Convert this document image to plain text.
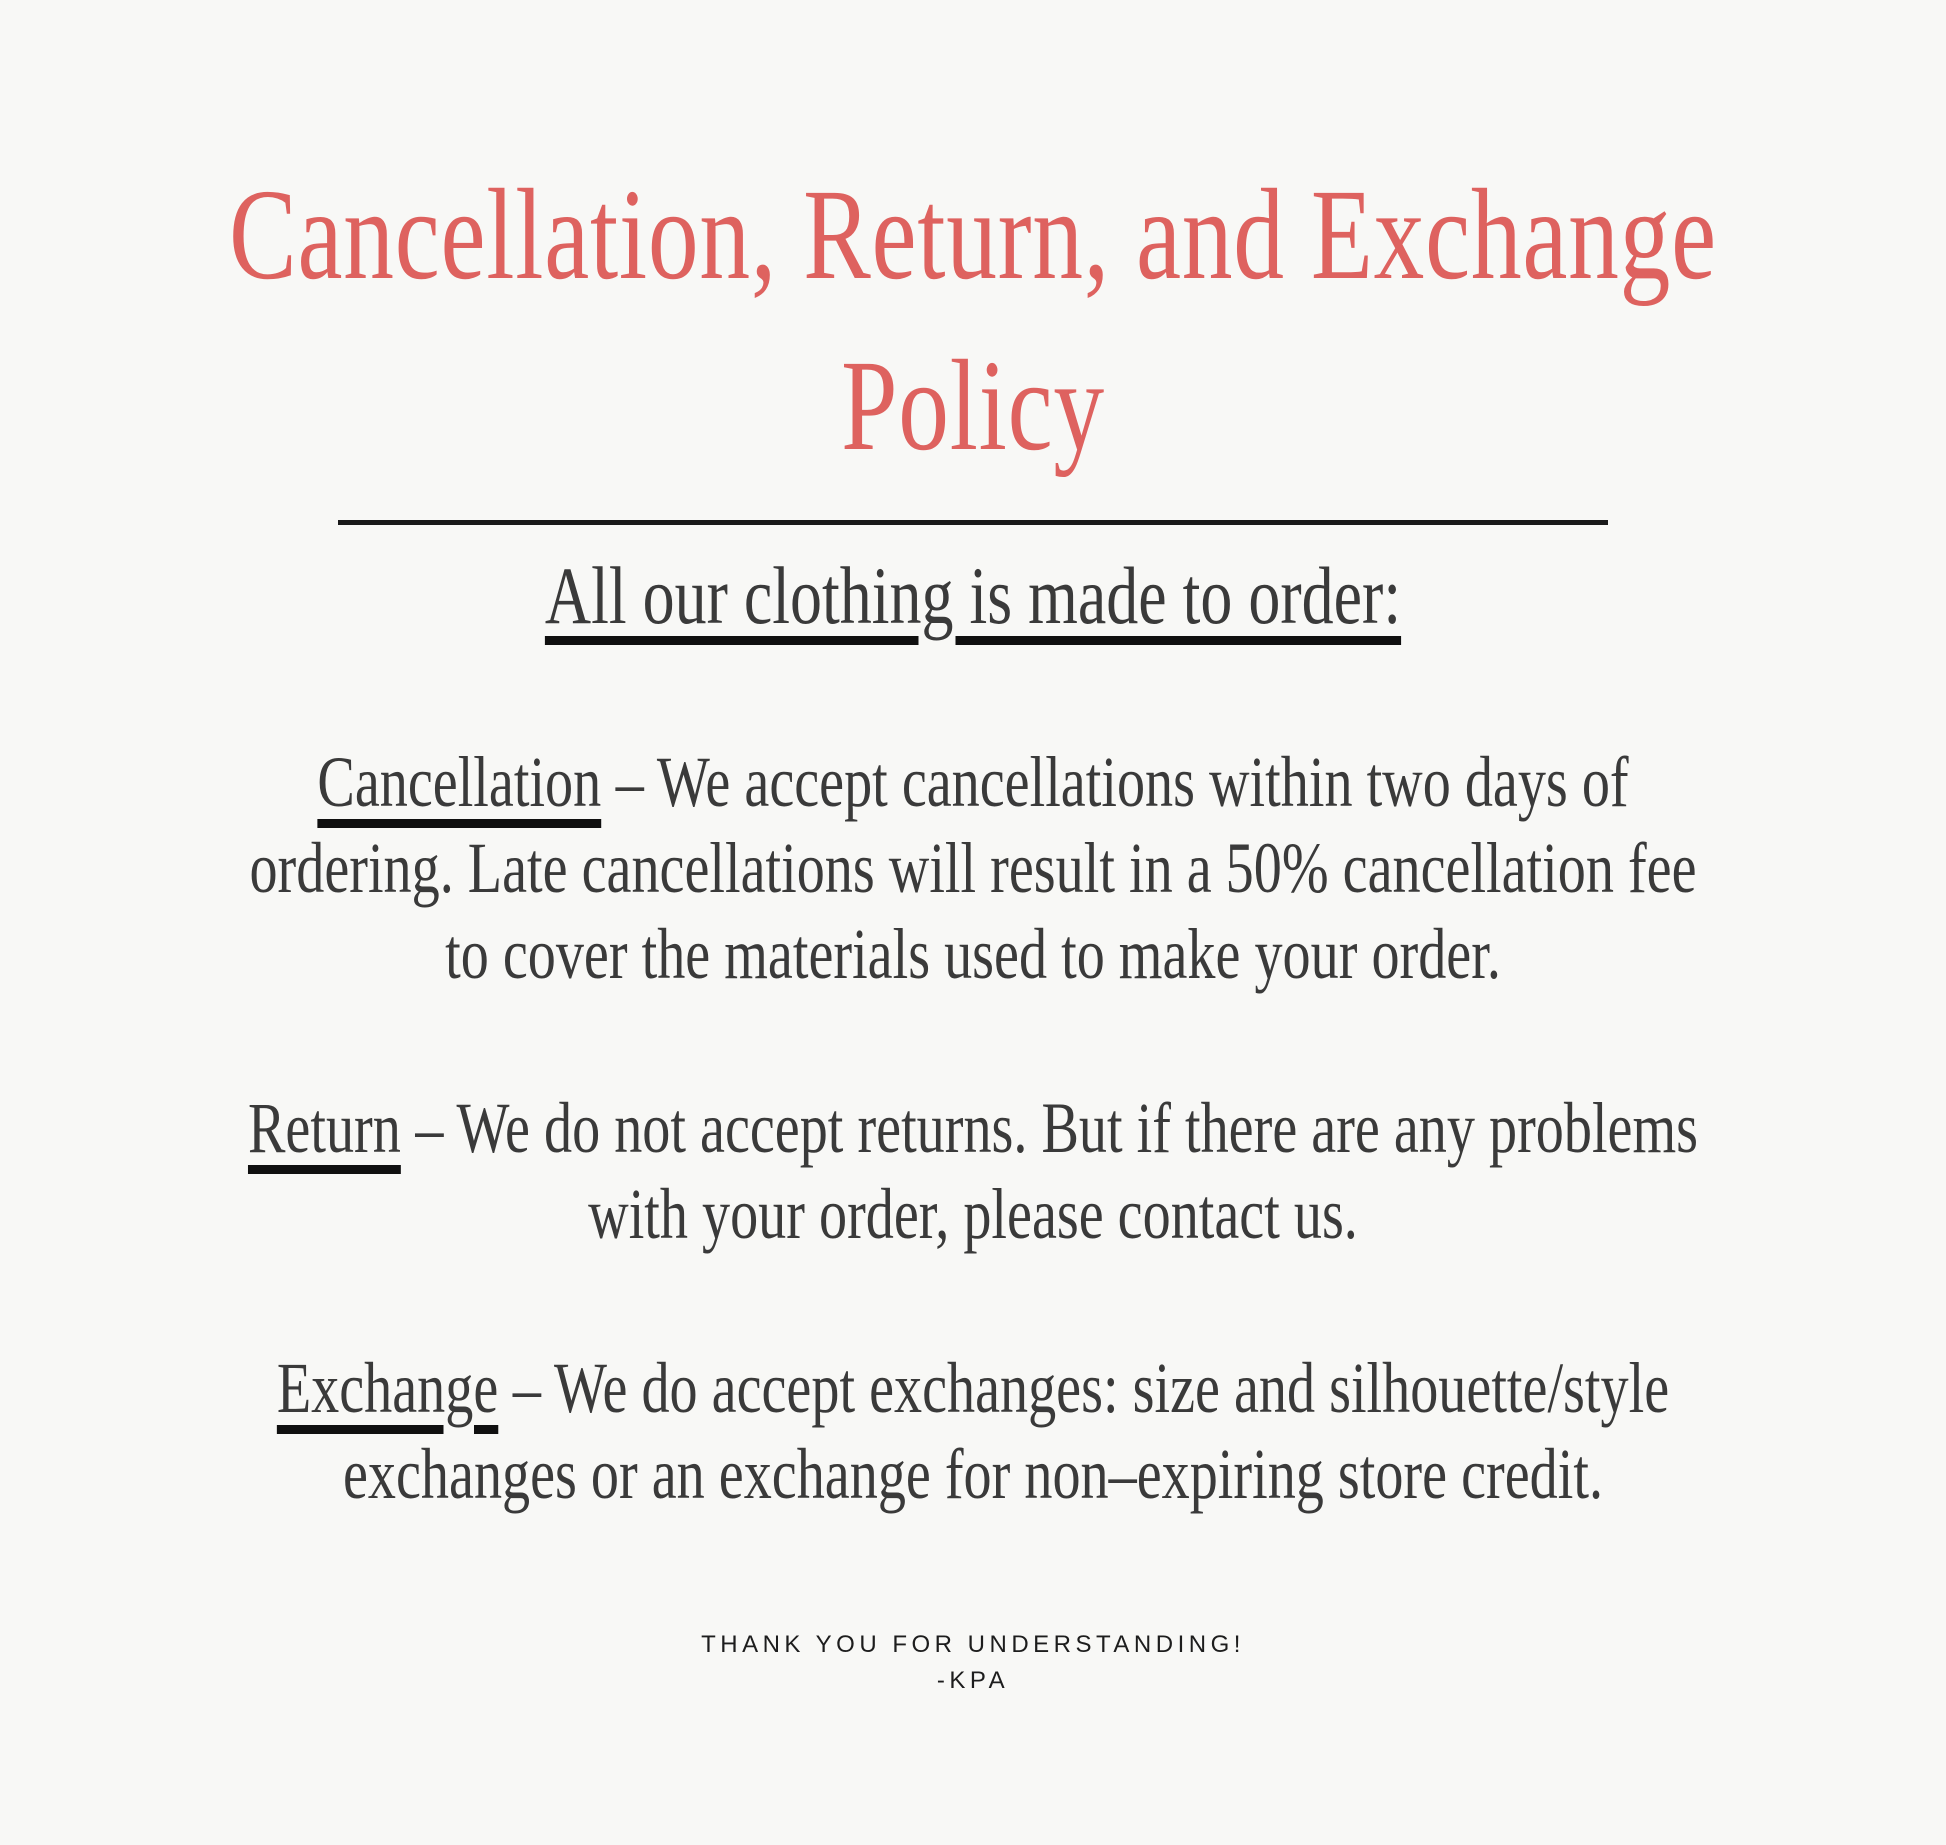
Cancellation, Return, and Exchange
Policy
All our clothing is made to order:

Cancellation – We accept cancellations within two days of
ordering. Late cancellations will result in a 50% cancellation fee
to cover the materials used to make your order.

Return – We do not accept returns. But if there are any problems
with your order, please contact us.

Exchange – We do accept exchanges: size and silhouette/style
exchanges or an exchange for non–expiring store credit.

THANK YOU FOR UNDERSTANDING!
-KPA
